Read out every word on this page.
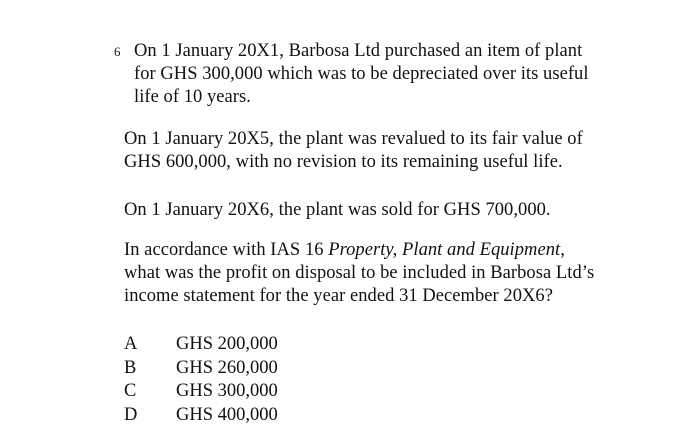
6 On 1 January 20X1, Barbosa Ltd purchased an item of plant
for GHS 300,000 which was to be depreciated over its useful
life of 10 years.
On 1 January 20X5, the plant was revalued to its fair value of
GHS 600,000, with no revision to its remaining useful life.
On 1 January 20X6, the plant was sold for GHS 700,000.
In accordance with IAS 16 Property, Plant and Equipment,
what was the profit on disposal to be included in Barbosa Ltd’s
income statement for the year ended 31 December 20X6?
A	GHS 200,000
B	GHS 260,000
C	GHS 300,000
D	GHS 400,000
